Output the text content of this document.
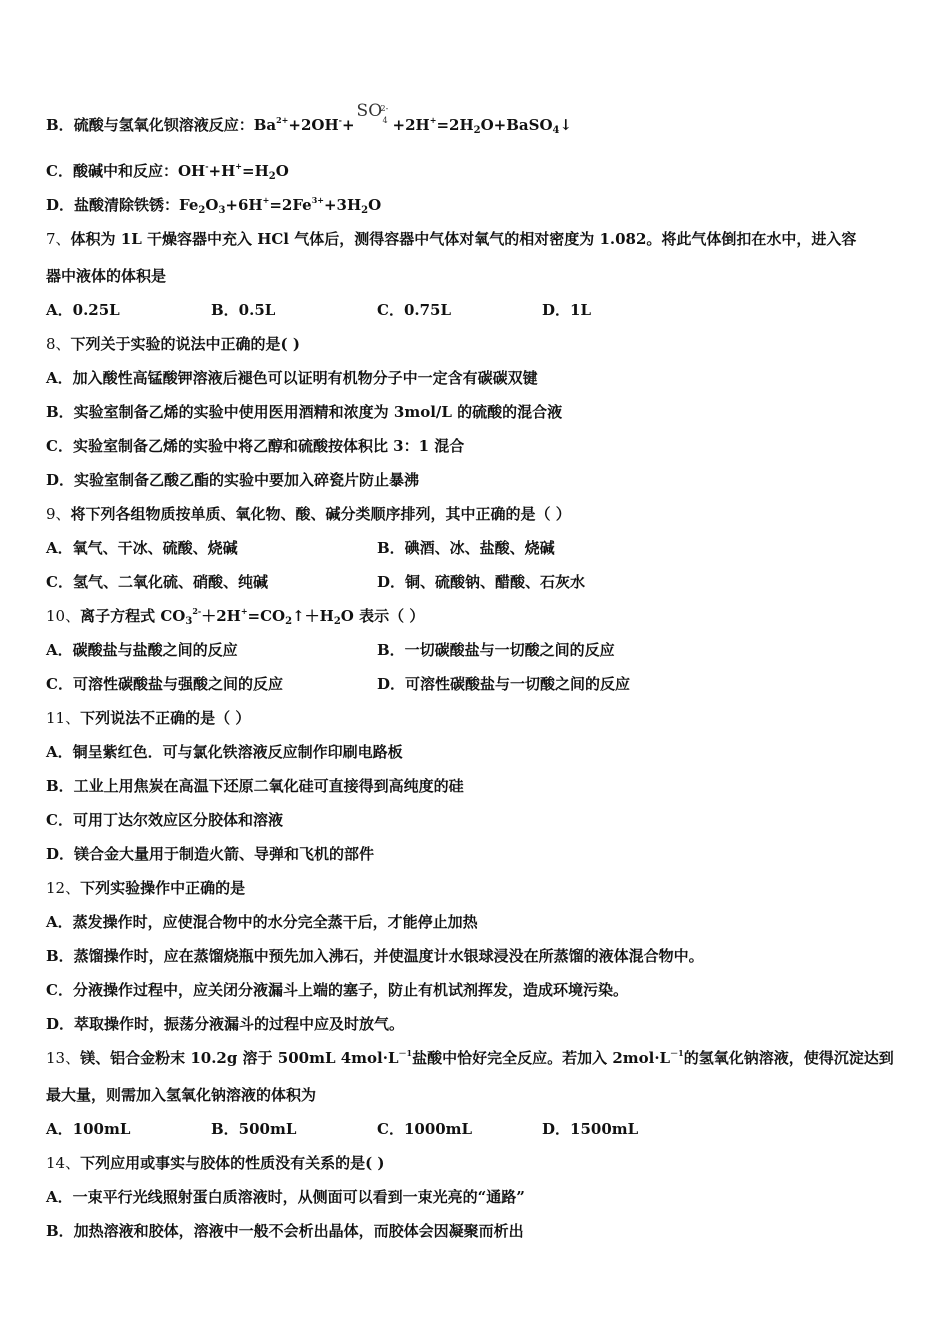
B．硫酸与氢氧化钡溶液反应：$Ba^{2+}+2OH^-+$
SO
2-
$4 +2H^+=2H_2O+BaSO_4↓$
C．酸碱中和反应：$OH^-+H^+=H_2O$
D．盐酸清除铁锈：$Fe_2O_3+6H^+=2Fe^{3+}+3H_2O$
7、体积为 1L 干燥容器中充入 HCl 气体后，测得容器中气体对氧气的相对密度为 1.082。将此气体倒扣在水中，进入容
器中液体的体积是
A．0.25L	B．0.5L	C．0.75L	D．1L
8、下列关于实验的说法中正确的是( )
A．加入酸性高锰酸钾溶液后褪色可以证明有机物分子中一定含有碳碳双键
B．实验室制备乙烯的实验中使用医用酒精和浓度为 3mol/L 的硫酸的混合液
C．实验室制备乙烯的实验中将乙醇和硫酸按体积比 3：1 混合
D．实验室制备乙酸乙酯的实验中要加入碎瓷片防止暴沸
9、将下列各组物质按单质、氧化物、酸、碱分类顺序排列，其中正确的是（ ）
A．氧气、干冰、硫酸、烧碱	B．碘酒、冰、盐酸、烧碱
C．氢气、二氧化硫、硝酸、纯碱	D．铜、硫酸钠、醋酸、石灰水
10、离子方程式 $CO_3^{2-}+2H^+=CO_2↑+H_2O$ 表示（ ）
A．碳酸盐与盐酸之间的反应	B．一切碳酸盐与一切酸之间的反应
C．可溶性碳酸盐与强酸之间的反应	D．可溶性碳酸盐与一切酸之间的反应
11、下列说法不正确的是（ ）
A．铜呈紫红色．可与氯化铁溶液反应制作印刷电路板
B．工业上用焦炭在高温下还原二氧化硅可直接得到高纯度的硅
C．可用丁达尔效应区分胶体和溶液
D．镁合金大量用于制造火箭、导弹和飞机的部件
12、下列实验操作中正确的是
A．蒸发操作时，应使混合物中的水分完全蒸干后，才能停止加热
B．蒸馏操作时，应在蒸馏烧瓶中预先加入沸石，并使温度计水银球浸没在所蒸馏的液体混合物中。
C．分液操作过程中，应关闭分液漏斗上端的塞子，防止有机试剂挥发，造成环境污染。
D．萃取操作时，振荡分液漏斗的过程中应及时放气。
13、镁、铝合金粉末 10.2g 溶于 500mL $4mol\cdot L^{-1}$盐酸中恰好完全反应。若加入 $2mol\cdot L^{-1}$的氢氧化钠溶液，使得沉淀达到
最大量，则需加入氢氧化钠溶液的体积为
A．100mL	B．500mL	C．1000mL	D．1500mL
14、下列应用或事实与胶体的性质没有关系的是( )
A．一束平行光线照射蛋白质溶液时，从侧面可以看到一束光亮的“通路”
B．加热溶液和胶体，溶液中一般不会析出晶体，而胶体会因凝聚而析出
